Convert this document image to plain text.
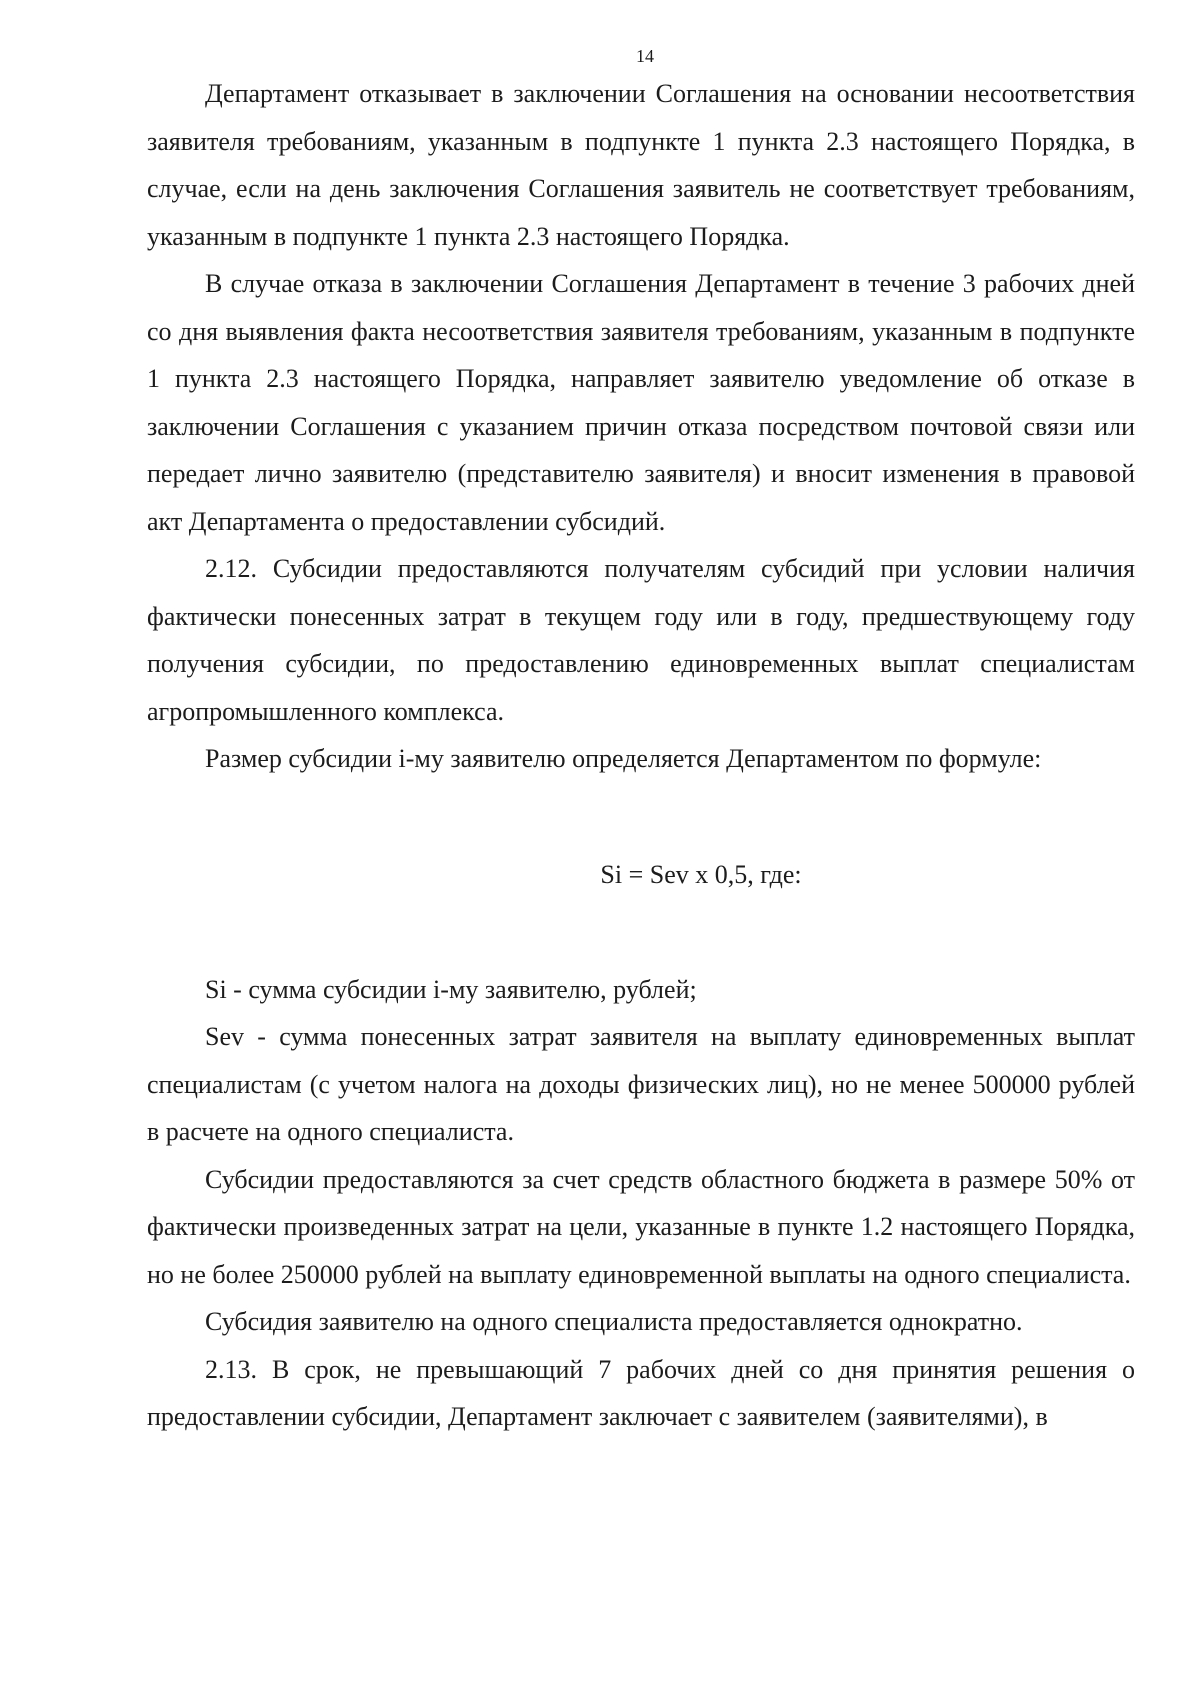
14

Департамент отказывает в заключении Соглашения на основании несоответствия заявителя требованиям, указанным в подпункте 1 пункта 2.3 настоящего Порядка, в случае, если на день заключения Соглашения заявитель не соответствует требованиям, указанным в подпункте 1 пункта 2.3 настоящего Порядка.

В случае отказа в заключении Соглашения Департамент в течение 3 рабочих дней со дня выявления факта несоответствия заявителя требованиям, указанным в подпункте 1 пункта 2.3 настоящего Порядка, направляет заявителю уведомление об отказе в заключении Соглашения с указанием причин отказа посредством почтовой связи или передает лично заявителю (представителю заявителя) и вносит изменения в правовой акт Департамента о предоставлении субсидий.

2.12. Субсидии предоставляются получателям субсидий при условии наличия фактически понесенных затрат в текущем году или в году, предшествующему году получения субсидии, по предоставлению единовременных выплат специалистам агропромышленного комплекса.

Размер субсидии i-му заявителю определяется Департаментом по формуле:

Si = Sev x 0,5, где:

Si - сумма субсидии i-му заявителю, рублей;

Sev - сумма понесенных затрат заявителя на выплату единовременных выплат специалистам (с учетом налога на доходы физических лиц), но не менее 500000 рублей в расчете на одного специалиста.

Субсидии предоставляются за счет средств областного бюджета в размере 50% от фактически произведенных затрат на цели, указанные в пункте 1.2 настоящего Порядка, но не более 250000 рублей на выплату единовременной выплаты на одного специалиста.

Субсидия заявителю на одного специалиста предоставляется однократно.

2.13. В срок, не превышающий 7 рабочих дней со дня принятия решения о предоставлении субсидии, Департамент заключает с заявителем (заявителями), в
